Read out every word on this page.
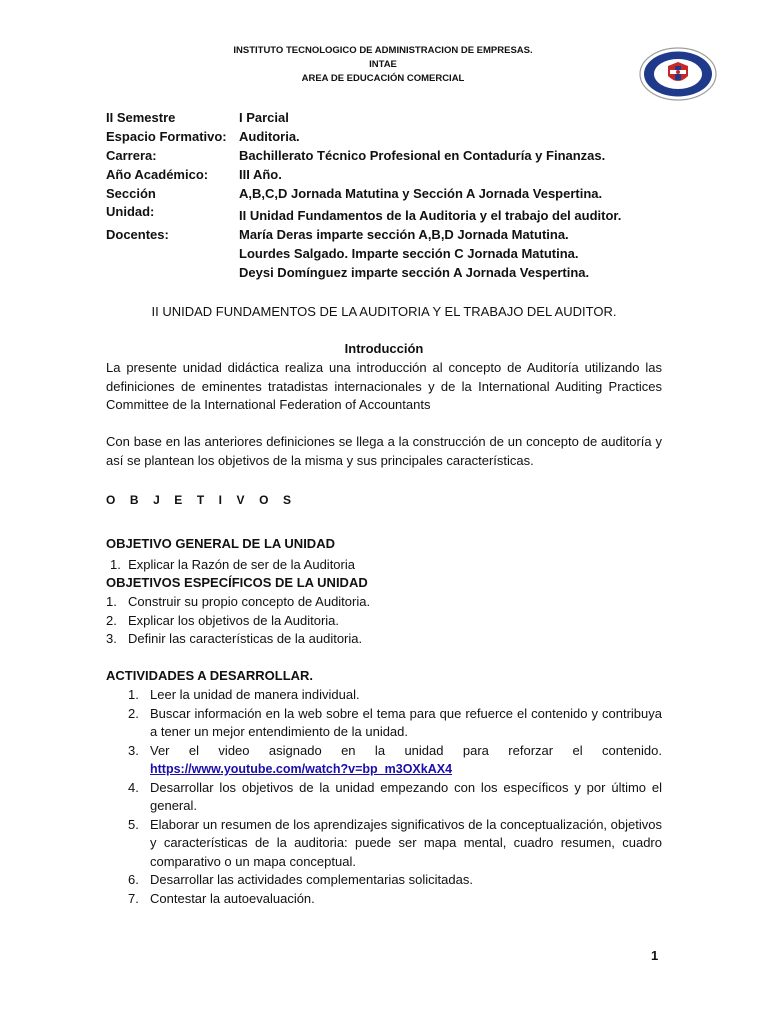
INSTITUTO TECNOLOGICO DE ADMINISTRACION DE EMPRESAS.
INTAE
AREA DE EDUCACIÓN COMERCIAL
II Semestre	I Parcial
Espacio Formativo: Auditoria.
Carrera:	Bachillerato Técnico Profesional en Contaduría y Finanzas.
Año Académico:	III Año.
Sección	A,B,C,D Jornada Matutina y Sección A Jornada Vespertina.
Unidad:	II Unidad Fundamentos de la Auditoria y el trabajo del auditor.
Docentes:	María Deras imparte sección A,B,D Jornada Matutina.
Lourdes Salgado. Imparte sección C Jornada Matutina.
Deysi Domínguez imparte sección A Jornada Vespertina.
II UNIDAD FUNDAMENTOS DE LA AUDITORIA Y EL TRABAJO DEL AUDITOR.
Introducción
La presente unidad didáctica realiza una introducción al concepto de Auditoría utilizando las definiciones de eminentes tratadistas internacionales y de la International Auditing Practices Committee de la International Federation of Accountants
Con base en las anteriores definiciones se llega a la construcción de un concepto de auditoría y así se plantean los objetivos de la misma y sus principales características.
O B J E T I V O S
OBJETIVO GENERAL DE LA UNIDAD
1. Explicar la Razón de ser de la Auditoria
OBJETIVOS ESPECÍFICOS DE LA UNIDAD
1. Construir su propio concepto de Auditoria.
2. Explicar los objetivos de la Auditoria.
3. Definir las características de la auditoria.
ACTIVIDADES A DESARROLLAR.
1. Leer la unidad de manera individual.
2. Buscar información en la web sobre el tema para que refuerce el contenido y contribuya a tener un mejor entendimiento de la unidad.
3. Ver el video asignado en la unidad para reforzar el contenido.
https://www.youtube.com/watch?v=bp_m3OXkAX4
4. Desarrollar los objetivos de la unidad empezando con los específicos y por último el general.
5. Elaborar un resumen de los aprendizajes significativos de la conceptualización, objetivos y características de la auditoria: puede ser mapa mental, cuadro resumen, cuadro comparativo o un mapa conceptual.
6. Desarrollar las actividades complementarias solicitadas.
7. Contestar la autoevaluación.
1
